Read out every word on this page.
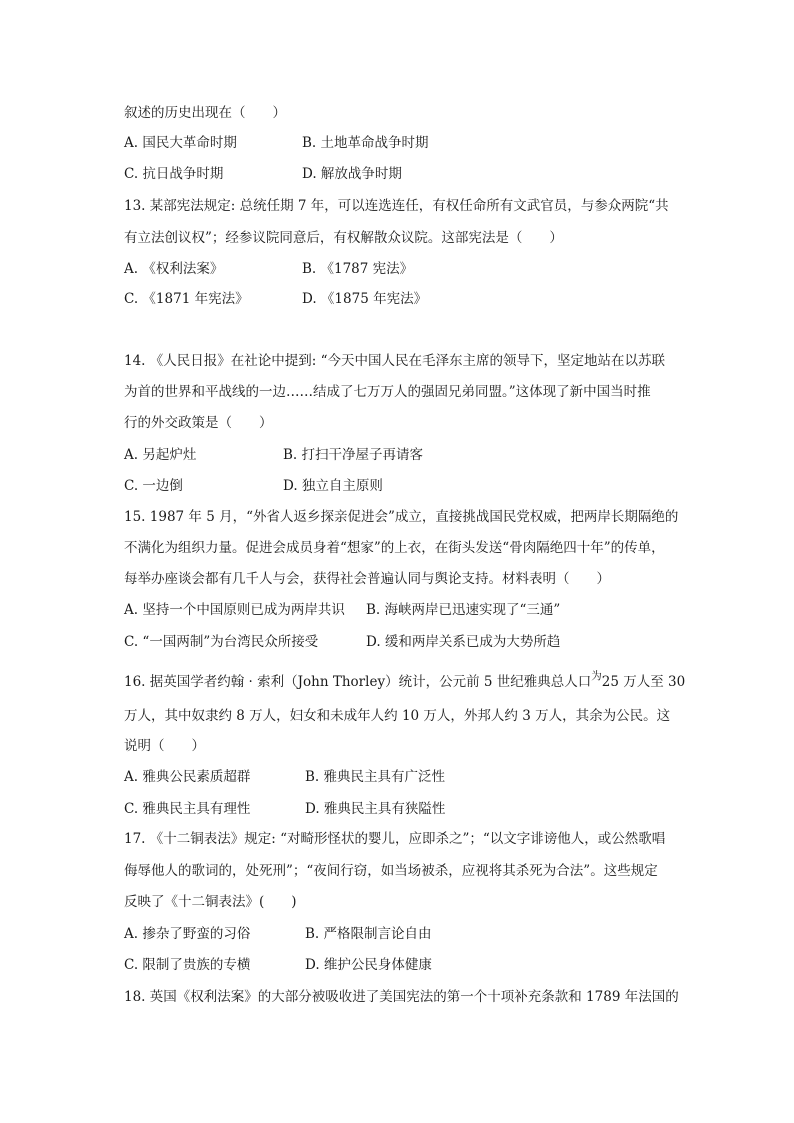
叙述的历史出现在（　　）
A. 国民大革命时期	B. 土地革命战争时期
C. 抗日战争时期	D. 解放战争时期
13. 某部宪法规定: 总统任期 7 年，可以连选连任，有权任命所有文武官员，与参众两院“共
有立法创议权”；经参议院同意后，有权解散众议院。这部宪法是（　　）
A. 《权利法案》	B. 《1787 宪法》
C. 《1871 年宪法》	D. 《1875 年宪法》
14. 《人民日报》在社论中提到: “今天中国人民在毛泽东主席的领导下，坚定地站在以苏联
为首的世界和平战线的一边……结成了七万万人的强固兄弟同盟。”这体现了新中国当时推
行的外交政策是（　　）
A. 另起炉灶	B. 打扫干净屋子再请客
C. 一边倒	D. 独立自主原则
15. 1987 年 5 月，“外省人返乡探亲促进会”成立，直接挑战国民党权威，把两岸长期隔绝的
不满化为组织力量。促进会成员身着“想家”的上衣，在街头发送“骨肉隔绝四十年”的传单，
每举办座谈会都有几千人与会，获得社会普遍认同与舆论支持。材料表明（　　）
A. 坚持一个中国原则已成为两岸共识 B. 海峡两岸已迅速实现了“三通”
C. “一国两制”为台湾民众所接受	D. 缓和两岸关系已成为大势所趋
16. 据英国学者约翰 · 索利（John Thorley）统计，公元前 5 世纪雅典总人口$^为$25 万人至 30
万人，其中奴隶约 8 万人，妇女和未成年人约 10 万人，外邦人约 3 万人，其余为公民。这
说明（　　）
A. 雅典公民素质超群	B. 雅典民主具有广泛性
C. 雅典民主具有理性	D. 雅典民主具有狭隘性
17. 《十二铜表法》规定: “对畸形怪状的婴儿，应即杀之”；“以文字诽谤他人，或公然歌唱
侮辱他人的歌词的，处死刑”；“夜间行窃，如当场被杀，应视将其杀死为合法”。这些规定
反映了《十二铜表法》(　　)
A. 掺杂了野蛮的习俗	B. 严格限制言论自由
C. 限制了贵族的专横	D. 维护公民身体健康
18. 英国《权利法案》的大部分被吸收进了美国宪法的第一个十项补充条款和 1789 年法国的
